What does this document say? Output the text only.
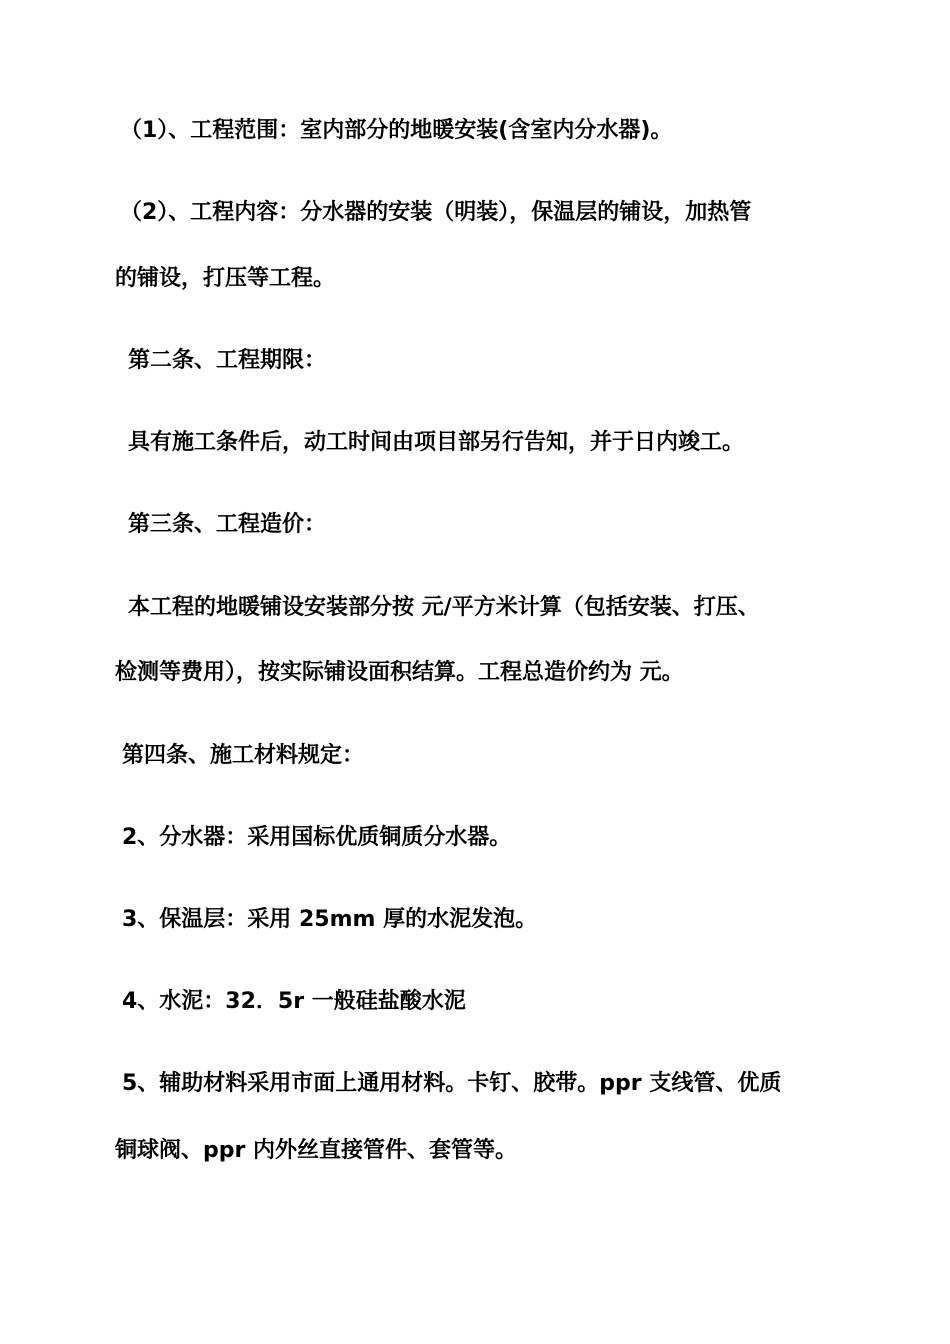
（1）、工程范围：室内部分的地暖安装(含室内分水器)。
（2）、工程内容：分水器的安装（明装），保温层的铺设，加热管
的铺设，打压等工程。
第二条、工程期限：
具有施工条件后，动工时间由项目部另行告知，并于日内竣工。
第三条、工程造价：
本工程的地暖铺设安装部分按 元/平方米计算（包括安装、打压、
检测等费用），按实际铺设面积结算。工程总造价约为 元。
第四条、施工材料规定：
2、分水器：采用国标优质铜质分水器。
3、保温层：采用 25mm 厚的水泥发泡。
4、水泥：32．5r 一般硅盐酸水泥
5、辅助材料采用市面上通用材料。卡钉、胶带。ppr 支线管、优质
铜球阀、ppr 内外丝直接管件、套管等。
